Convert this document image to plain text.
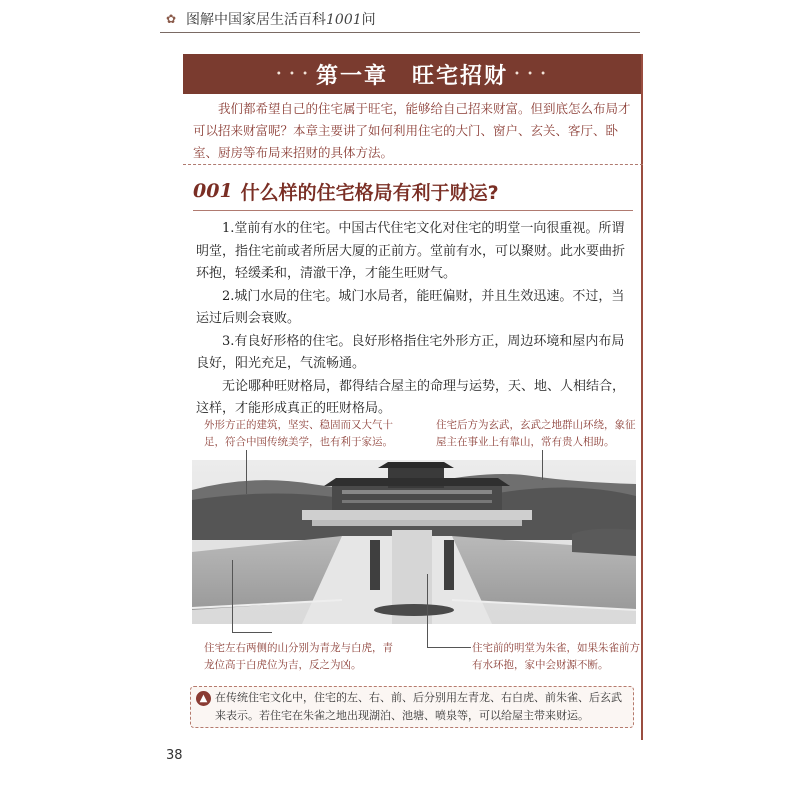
✿ 图解中国家居生活百科1001问
• • • 第一章　旺宅招财 • • •
我们都希望自己的住宅属于旺宅，能够给自己招来财富。但到底怎么布局才可以招来财富呢？本章主要讲了如何利用住宅的大门、窗户、玄关、客厅、卧室、厨房等布局来招财的具体方法。
001 什么样的住宅格局有利于财运?

1.堂前有水的住宅。中国古代住宅文化对住宅的明堂一向很重视。所谓明堂，指住宅前或者所居大厦的正前方。堂前有水，可以聚财。此水要曲折环抱，轻缓柔和，清澈干净，才能生旺财气。

2.城门水局的住宅。城门水局者，能旺偏财，并且生效迅速。不过，当运过后则会衰败。

3.有良好形格的住宅。良好形格指住宅外形方正，周边环境和屋内布局良好，阳光充足，气流畅通。

无论哪种旺财格局，都得结合屋主的命理与运势，天、地、人相结合，这样，才能形成真正的旺财格局。

外形方正的建筑，坚实、稳固而又大气十足，符合中国传统美学，也有利于家运。
住宅后方为玄武，玄武之地群山环绕，象征屋主在事业上有靠山，常有贵人相助。
住宅左右两侧的山分别为青龙与白虎，青龙位高于白虎位为吉，反之为凶。
住宅前的明堂为朱雀，如果朱雀前方有水环抱，家中会财源不断。
▲ 在传统住宅文化中，住宅的左、右、前、后分别用左青龙、右白虎、前朱雀、后玄武来表示。若住宅在朱雀之地出现湖泊、池塘、喷泉等，可以给屋主带来财运。
38
